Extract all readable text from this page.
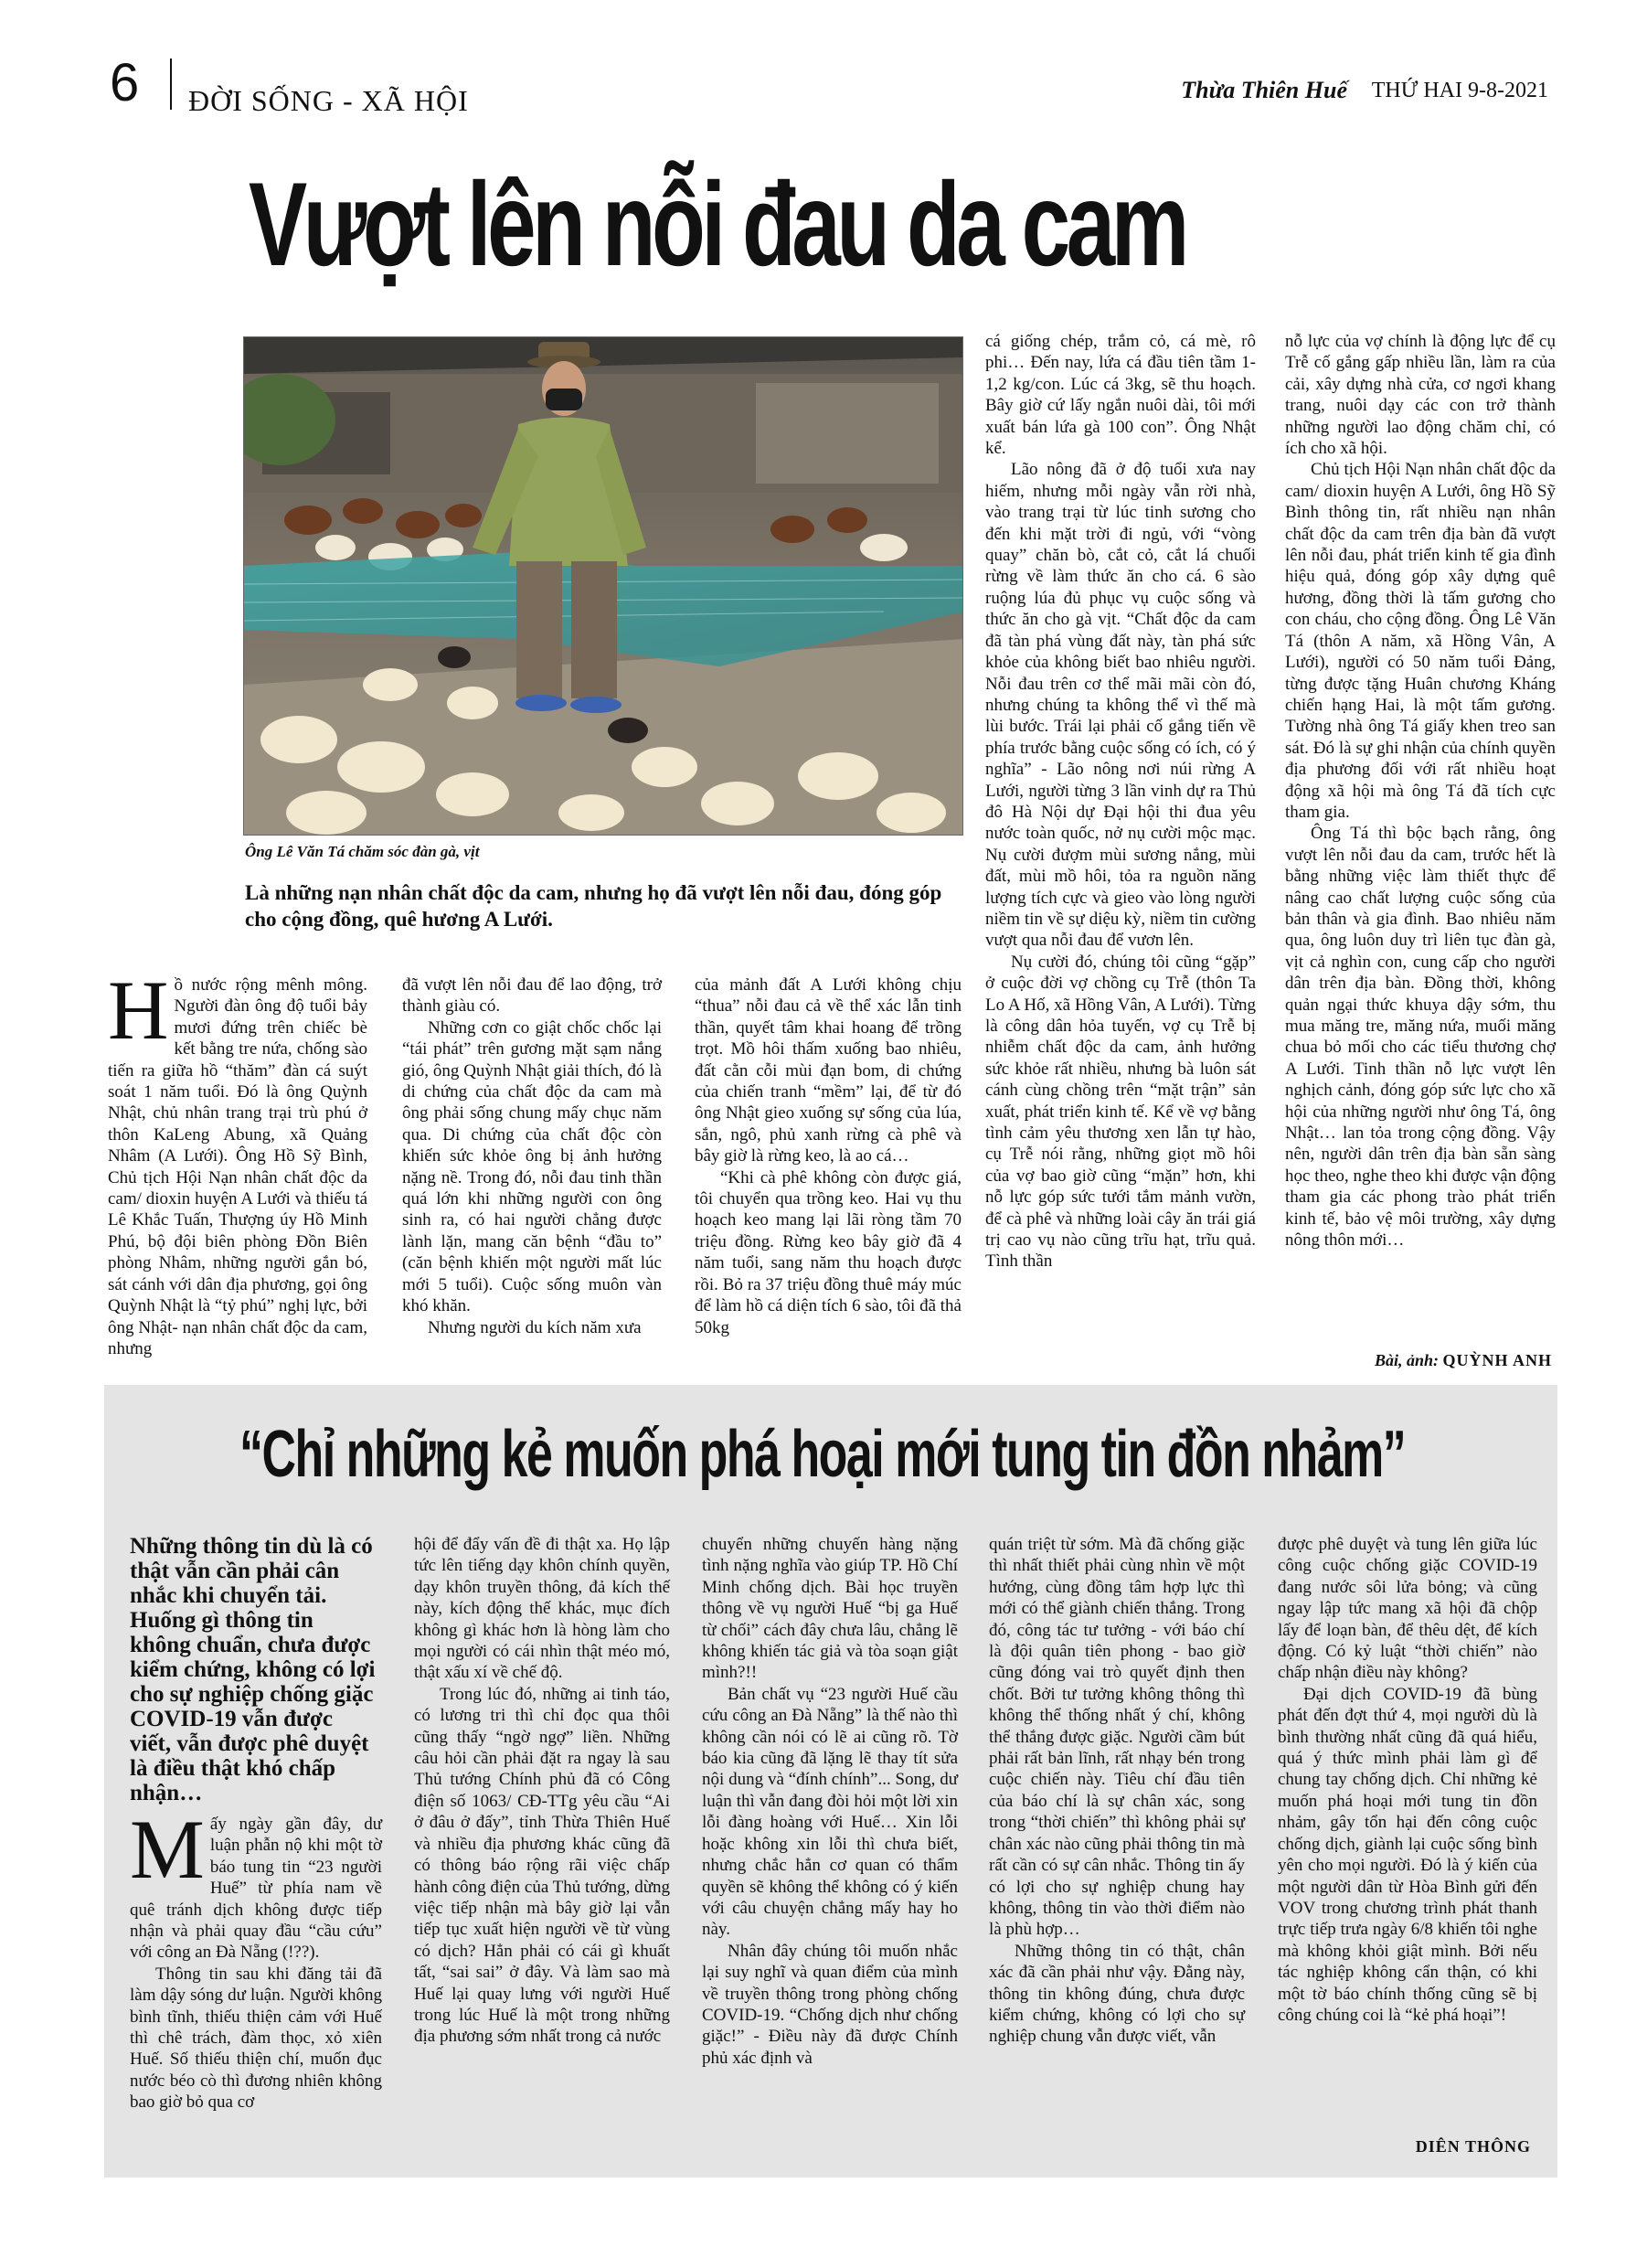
6 ĐỜI SỐNG - XÃ HỘI	Thừa Thiên Huế THỨ HAI 9-8-2021
Vượt lên nỗi đau da cam
Ông Lê Văn Tá chăm sóc đàn gà, vịt
Là những nạn nhân chất độc da cam, nhưng họ đã vượt lên nỗi đau, đóng góp cho cộng đồng, quê hương A Lưới.

Hồ nước rộng mênh mông. Người đàn ông độ tuổi bảy mươi đứng trên chiếc bè kết bằng tre nứa, chống sào tiến ra giữa hồ “thăm” đàn cá suýt soát 1 năm tuổi. Đó là ông Quỳnh Nhật, chủ nhân trang trại trù phú ở thôn KaLeng Abung, xã Quảng Nhâm (A Lưới). Ông Hồ Sỹ Bình, Chủ tịch Hội Nạn nhân chất độc da cam/ dioxin huyện A Lưới và thiếu tá Lê Khắc Tuấn, Thượng úy Hồ Minh Phú, bộ đội biên phòng Đồn Biên phòng Nhâm, những người gắn bó, sát cánh với dân địa phương, gọi ông Quỳnh Nhật là “tỷ phú” nghị lực, bởi ông Nhật- nạn nhân chất độc da cam, nhưng

đã vượt lên nỗi đau để lao động, trở thành giàu có.

Những cơn co giật chốc chốc lại “tái phát” trên gương mặt sạm nắng gió, ông Quỳnh Nhật giải thích, đó là di chứng của chất độc da cam mà ông phải sống chung mấy chục năm qua. Di chứng của chất độc còn khiến sức khỏe ông bị ảnh hưởng nặng nề. Trong đó, nỗi đau tinh thần quá lớn khi những người con ông sinh ra, có hai người chẳng được lành lặn, mang căn bệnh “đầu to” (căn bệnh khiến một người mất lúc mới 5 tuổi). Cuộc sống muôn vàn khó khăn.

Nhưng người du kích năm xưa

của mảnh đất A Lưới không chịu “thua” nỗi đau cả về thể xác lẫn tinh thần, quyết tâm khai hoang để trồng trọt. Mồ hôi thấm xuống bao nhiêu, đất cằn cỗi mùi đạn bom, di chứng của chiến tranh “mềm” lại, để từ đó ông Nhật gieo xuống sự sống của lúa, sắn, ngô, phủ xanh rừng cà phê và bây giờ là rừng keo, là ao cá…

“Khi cà phê không còn được giá, tôi chuyển qua trồng keo. Hai vụ thu hoạch keo mang lại lãi ròng tầm 70 triệu đồng. Rừng keo bây giờ đã 4 năm tuổi, sang năm thu hoạch được rồi. Bỏ ra 37 triệu đồng thuê máy múc để làm hồ cá diện tích 6 sào, tôi đã thả 50kg

cá giống chép, trắm cỏ, cá mè, rô phi… Đến nay, lứa cá đầu tiên tầm 1- 1,2 kg/con. Lúc cá 3kg, sẽ thu hoạch. Bây giờ cứ lấy ngắn nuôi dài, tôi mới xuất bán lứa gà 100 con”. Ông Nhật kể.

Lão nông đã ở độ tuổi xưa nay hiếm, nhưng mỗi ngày vẫn rời nhà, vào trang trại từ lúc tinh sương cho đến khi mặt trời đi ngủ, với “vòng quay” chăn bò, cắt cỏ, cắt lá chuối rừng về làm thức ăn cho cá. 6 sào ruộng lúa đủ phục vụ cuộc sống và thức ăn cho gà vịt. “Chất độc da cam đã tàn phá vùng đất này, tàn phá sức khỏe của không biết bao nhiêu người. Nỗi đau trên cơ thể mãi mãi còn đó, nhưng chúng ta không thể vì thế mà lùi bước. Trái lại phải cố gắng tiến về phía trước bằng cuộc sống có ích, có ý nghĩa” - Lão nông nơi núi rừng A Lưới, người từng 3 lần vinh dự ra Thủ đô Hà Nội dự Đại hội thi đua yêu nước toàn quốc, nở nụ cười mộc mạc. Nụ cười đượm mùi sương nắng, mùi đất, mùi mồ hôi, tỏa ra nguồn năng lượng tích cực và gieo vào lòng người niềm tin về sự diệu kỳ, niềm tin cường vượt qua nỗi đau để vươn lên.

Nụ cười đó, chúng tôi cũng “gặp” ở cuộc đời vợ chồng cụ Trễ (thôn Ta Lo A Hố, xã Hồng Vân, A Lưới). Từng là công dân hỏa tuyến, vợ cụ Trễ bị nhiễm chất độc da cam, ảnh hưởng sức khỏe rất nhiều, nhưng bà luôn sát cánh cùng chồng trên “mặt trận” sản xuất, phát triển kinh tế. Kể về vợ bằng tình cảm yêu thương xen lẫn tự hào, cụ Trễ nói rằng, những giọt mồ hôi của vợ bao giờ cũng “mặn” hơn, khi nỗ lực góp sức tưới tắm mảnh vườn, để cà phê và những loài cây ăn trái giá trị cao vụ nào cũng trĩu hạt, trĩu quả. Tình thần

nỗ lực của vợ chính là động lực để cụ Trễ cố gắng gấp nhiều lần, làm ra của cải, xây dựng nhà cửa, cơ ngơi khang trang, nuôi dạy các con trở thành những người lao động chăm chỉ, có ích cho xã hội.

Chủ tịch Hội Nạn nhân chất độc da cam/ dioxin huyện A Lưới, ông Hồ Sỹ Bình thông tin, rất nhiều nạn nhân chất độc da cam trên địa bàn đã vượt lên nỗi đau, phát triển kinh tế gia đình hiệu quả, đóng góp xây dựng quê hương, đồng thời là tấm gương cho con cháu, cho cộng đồng. Ông Lê Văn Tá (thôn A năm, xã Hồng Vân, A Lưới), người có 50 năm tuổi Đảng, từng được tặng Huân chương Kháng chiến hạng Hai, là một tấm gương. Tường nhà ông Tá giấy khen treo san sát. Đó là sự ghi nhận của chính quyền địa phương đối với rất nhiều hoạt động xã hội mà ông Tá đã tích cực tham gia.

Ông Tá thì bộc bạch rằng, ông vượt lên nỗi đau da cam, trước hết là bằng những việc làm thiết thực để nâng cao chất lượng cuộc sống của bản thân và gia đình. Bao nhiêu năm qua, ông luôn duy trì liên tục đàn gà, vịt cả nghìn con, cung cấp cho người dân trên địa bàn. Đồng thời, không quản ngại thức khuya dậy sớm, thu mua măng tre, măng nứa, muối măng chua bỏ mối cho các tiểu thương chợ A Lưới. Tinh thần nỗ lực vượt lên nghịch cảnh, đóng góp sức lực cho xã hội của những người như ông Tá, ông Nhật… lan tỏa trong cộng đồng. Vậy nên, người dân trên địa bàn sẵn sàng học theo, nghe theo khi được vận động tham gia các phong trào phát triển kinh tế, bảo vệ môi trường, xây dựng nông thôn mới…

Bài, ảnh: QUỲNH ANH
“Chỉ những kẻ muốn phá hoại mới tung tin đồn nhảm”
Những thông tin dù là có thật vẫn cần phải cân nhắc khi chuyển tải. Huống gì thông tin không chuẩn, chưa được kiểm chứng, không có lợi cho sự nghiệp chống giặc COVID-19 vẫn được viết, vẫn được phê duyệt là điều thật khó chấp nhận…

Mấy ngày gần đây, dư luận phẫn nộ khi một tờ báo tung tin “23 người Huế” từ phía nam về quê tránh dịch không được tiếp nhận và phải quay đầu “cầu cứu” với công an Đà Nẵng (!??).

Thông tin sau khi đăng tải đã làm dậy sóng dư luận. Người không bình tĩnh, thiếu thiện cảm với Huế thì chê trách, đàm thọc, xỏ xiên Huế. Số thiếu thiện chí, muốn đục nước béo cò thì đương nhiên không bao giờ bỏ qua cơ

hội để đẩy vấn đề đi thật xa. Họ lập tức lên tiếng dạy khôn chính quyền, dạy khôn truyền thông, đả kích thế này, kích động thế khác, mục đích không gì khác hơn là hòng làm cho mọi người có cái nhìn thật méo mó, thật xấu xí về chế độ.

Trong lúc đó, những ai tinh táo, có lương tri thì chỉ đọc qua thôi cũng thấy “ngờ ngợ” liền. Những câu hỏi cần phải đặt ra ngay là sau Thủ tướng Chính phủ đã có Công điện số 1063/ CĐ-TTg yêu cầu “Ai ở đâu ở đấy”, tỉnh Thừa Thiên Huế và nhiều địa phương khác cũng đã có thông báo rộng rãi việc chấp hành công điện của Thủ tướng, dừng việc tiếp nhận mà bây giờ lại vẫn tiếp tục xuất hiện người về từ vùng có dịch? Hẳn phải có cái gì khuất tất, “sai sai” ở đây. Và làm sao mà Huế lại quay lưng với người Huế trong lúc Huế là một trong những địa phương sớm nhất trong cả nước

chuyển những chuyến hàng nặng tình nặng nghĩa vào giúp TP. Hồ Chí Minh chống dịch. Bài học truyền thông về vụ người Huế “bị ga Huế từ chối” cách đây chưa lâu, chẳng lẽ không khiến tác giả và tòa soạn giật mình?!!

Bản chất vụ “23 người Huế cầu cứu công an Đà Nẵng” là thế nào thì không cần nói có lẽ ai cũng rõ. Tờ báo kia cũng đã lặng lẽ thay tít sửa nội dung và “đính chính”... Song, dư luận thì vẫn đang đòi hỏi một lời xin lỗi đàng hoàng với Huế… Xin lỗi hoặc không xin lỗi thì chưa biết, nhưng chắc hẳn cơ quan có thẩm quyền sẽ không thể không có ý kiến với câu chuyện chẳng mấy hay ho này.

Nhân đây chúng tôi muốn nhắc lại suy nghĩ và quan điểm của mình về truyền thông trong phòng chống COVID-19. “Chống dịch như chống giặc!” - Điều này đã được Chính phủ xác định và

quán triệt từ sớm. Mà đã chống giặc thì nhất thiết phải cùng nhìn về một hướng, cùng đồng tâm hợp lực thì mới có thể giành chiến thắng. Trong đó, công tác tư tưởng - với báo chí là đội quân tiên phong - bao giờ cũng đóng vai trò quyết định then chốt. Bởi tư tưởng không thông thì không thể thống nhất ý chí, không thể thắng được giặc. Người cầm bút phải rất bản lĩnh, rất nhạy bén trong cuộc chiến này. Tiêu chí đầu tiên của báo chí là sự chân xác, song trong “thời chiến” thì không phải sự chân xác nào cũng phải thông tin mà rất cần có sự cân nhắc. Thông tin ấy có lợi cho sự nghiệp chung hay không, thông tin vào thời điểm nào là phù hợp…

Những thông tin có thật, chân xác đã cần phải như vậy. Đằng này, thông tin không đúng, chưa được kiểm chứng, không có lợi cho sự nghiệp chung vẫn được viết, vẫn

được phê duyệt và tung lên giữa lúc công cuộc chống giặc COVID-19 đang nước sôi lửa bỏng; và cũng ngay lập tức mang xã hội đã chộp lấy để loạn bàn, để thêu dệt, để kích động. Có kỷ luật “thời chiến” nào chấp nhận điều này không?

Đại dịch COVID-19 đã bùng phát đến đợt thứ 4, mọi người dù là bình thường nhất cũng đã quá hiểu, quá ý thức mình phải làm gì để chung tay chống dịch. Chỉ những kẻ muốn phá hoại mới tung tin đồn nhảm, gây tổn hại đến công cuộc chống dịch, giành lại cuộc sống bình yên cho mọi người. Đó là ý kiến của một người dân từ Hòa Bình gửi đến VOV trong chương trình phát thanh trực tiếp trưa ngày 6/8 khiến tôi nghe mà không khỏi giật mình. Bởi nếu tác nghiệp không cẩn thận, có khi một tờ báo chính thống cũng sẽ bị công chúng coi là “kẻ phá hoại”!

DIÊN THÔNG
